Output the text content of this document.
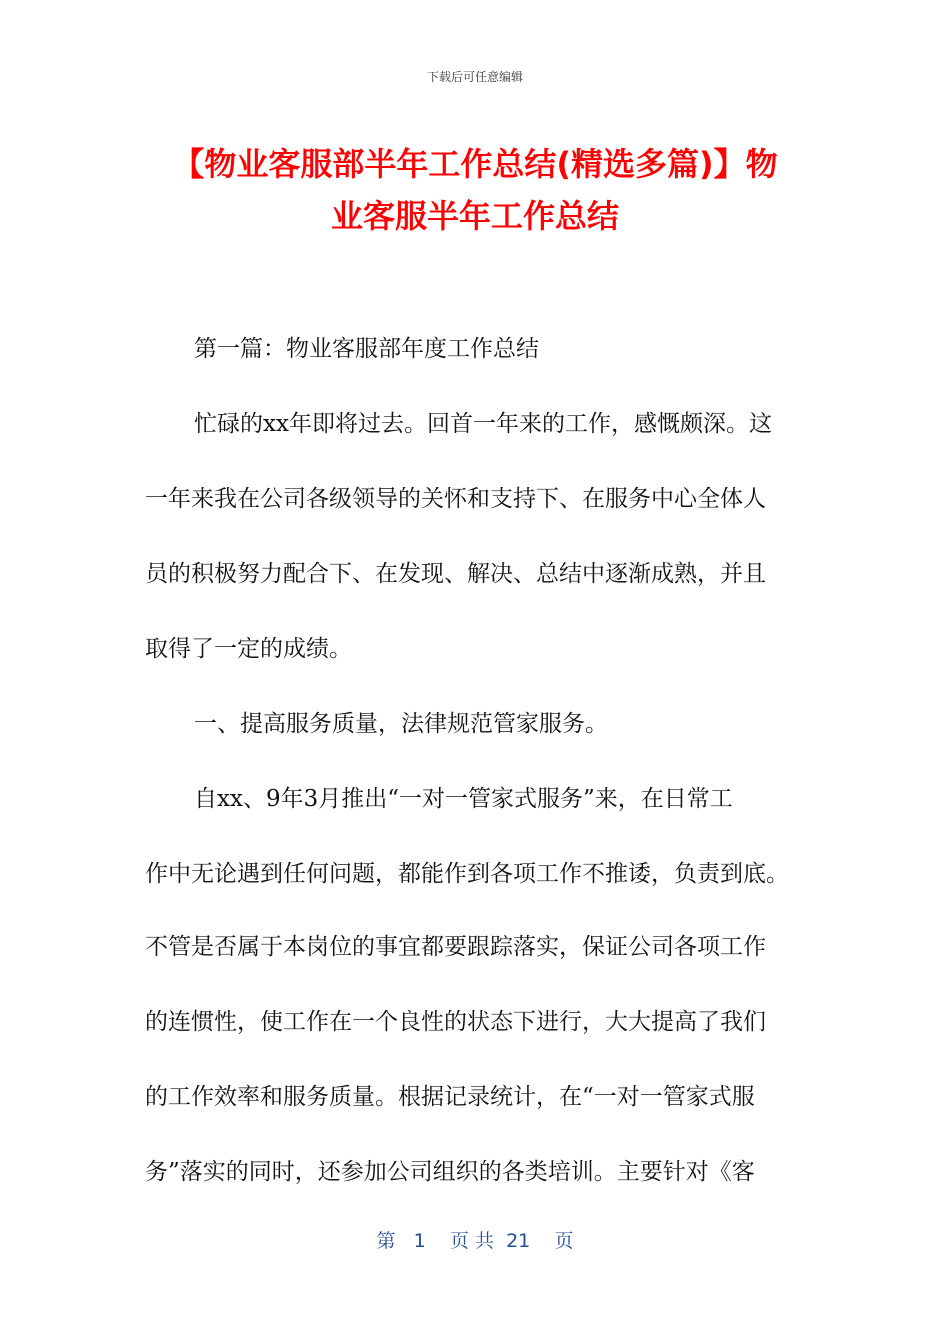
下载后可任意编辑
【物业客服部半年工作总结(精选多篇)】物
业客服半年工作总结
第一篇：物业客服部年度工作总结
忙碌的xx年即将过去。回首一年来的工作，感慨颇深。这
一年来我在公司各级领导的关怀和支持下、在服务中心全体人
员的积极努力配合下、在发现、解决、总结中逐渐成熟，并且
取得了一定的成绩。
一、提高服务质量，法律规范管家服务。
自xx、9年3月推出“一对一管家式服务”来，在日常工
作中无论遇到任何问题，都能作到各项工作不推诿，负责到底。
不管是否属于本岗位的事宜都要跟踪落实，保证公司各项工作
的连惯性，使工作在一个良性的状态下进行，大大提高了我们
的工作效率和服务质量。根据记录统计，在“一对一管家式服
务”落实的同时，还参加公司组织的各类培训。主要针对《客
第 1 页 共 21 页
